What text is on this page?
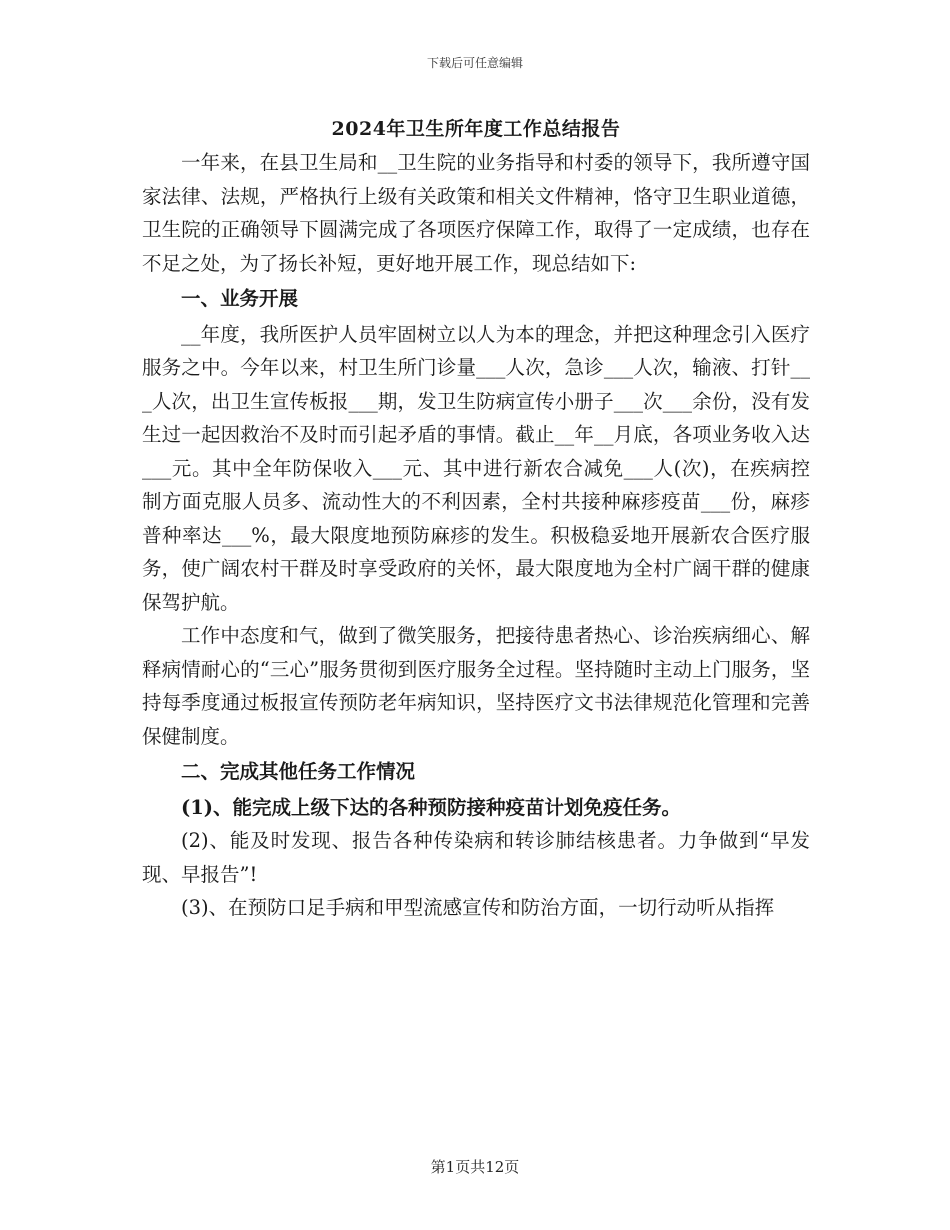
下载后可任意编辑
2024年卫生所年度工作总结报告

一年来，在县卫生局和__卫生院的业务指导和村委的领导下，我所遵守国家法律、法规，严格执行上级有关政策和相关文件精神，恪守卫生职业道德，卫生院的正确领导下圆满完成了各项医疗保障工作，取得了一定成绩，也存在不足之处，为了扬长补短，更好地开展工作，现总结如下:

一、业务开展

__年度，我所医护人员牢固树立以人为本的理念，并把这种理念引入医疗服务之中。今年以来，村卫生所门诊量___人次，急诊___人次，输液、打针___人次，出卫生宣传板报___期，发卫生防病宣传小册子___次___余份，没有发生过一起因救治不及时而引起矛盾的事情。截止__年__月底，各项业务收入达___元。其中全年防保收入___元、其中进行新农合减免___人(次)，在疾病控制方面克服人员多、流动性大的不利因素，全村共接种麻疹疫苗___份，麻疹普种率达___%，最大限度地预防麻疹的发生。积极稳妥地开展新农合医疗服务，使广阔农村干群及时享受政府的关怀，最大限度地为全村广阔干群的健康保驾护航。

工作中态度和气，做到了微笑服务，把接待患者热心、诊治疾病细心、解释病情耐心的“三心”服务贯彻到医疗服务全过程。坚持随时主动上门服务，坚持每季度通过板报宣传预防老年病知识，坚持医疗文书法律规范化管理和完善保健制度。

二、完成其他任务工作情况

(1)、能完成上级下达的各种预防接种疫苗计划免疫任务。

(2)、能及时发现、报告各种传染病和转诊肺结核患者。力争做到“早发现、早报告”!

(3)、在预防口足手病和甲型流感宣传和防治方面，一切行动听从指挥

第1页共12页
